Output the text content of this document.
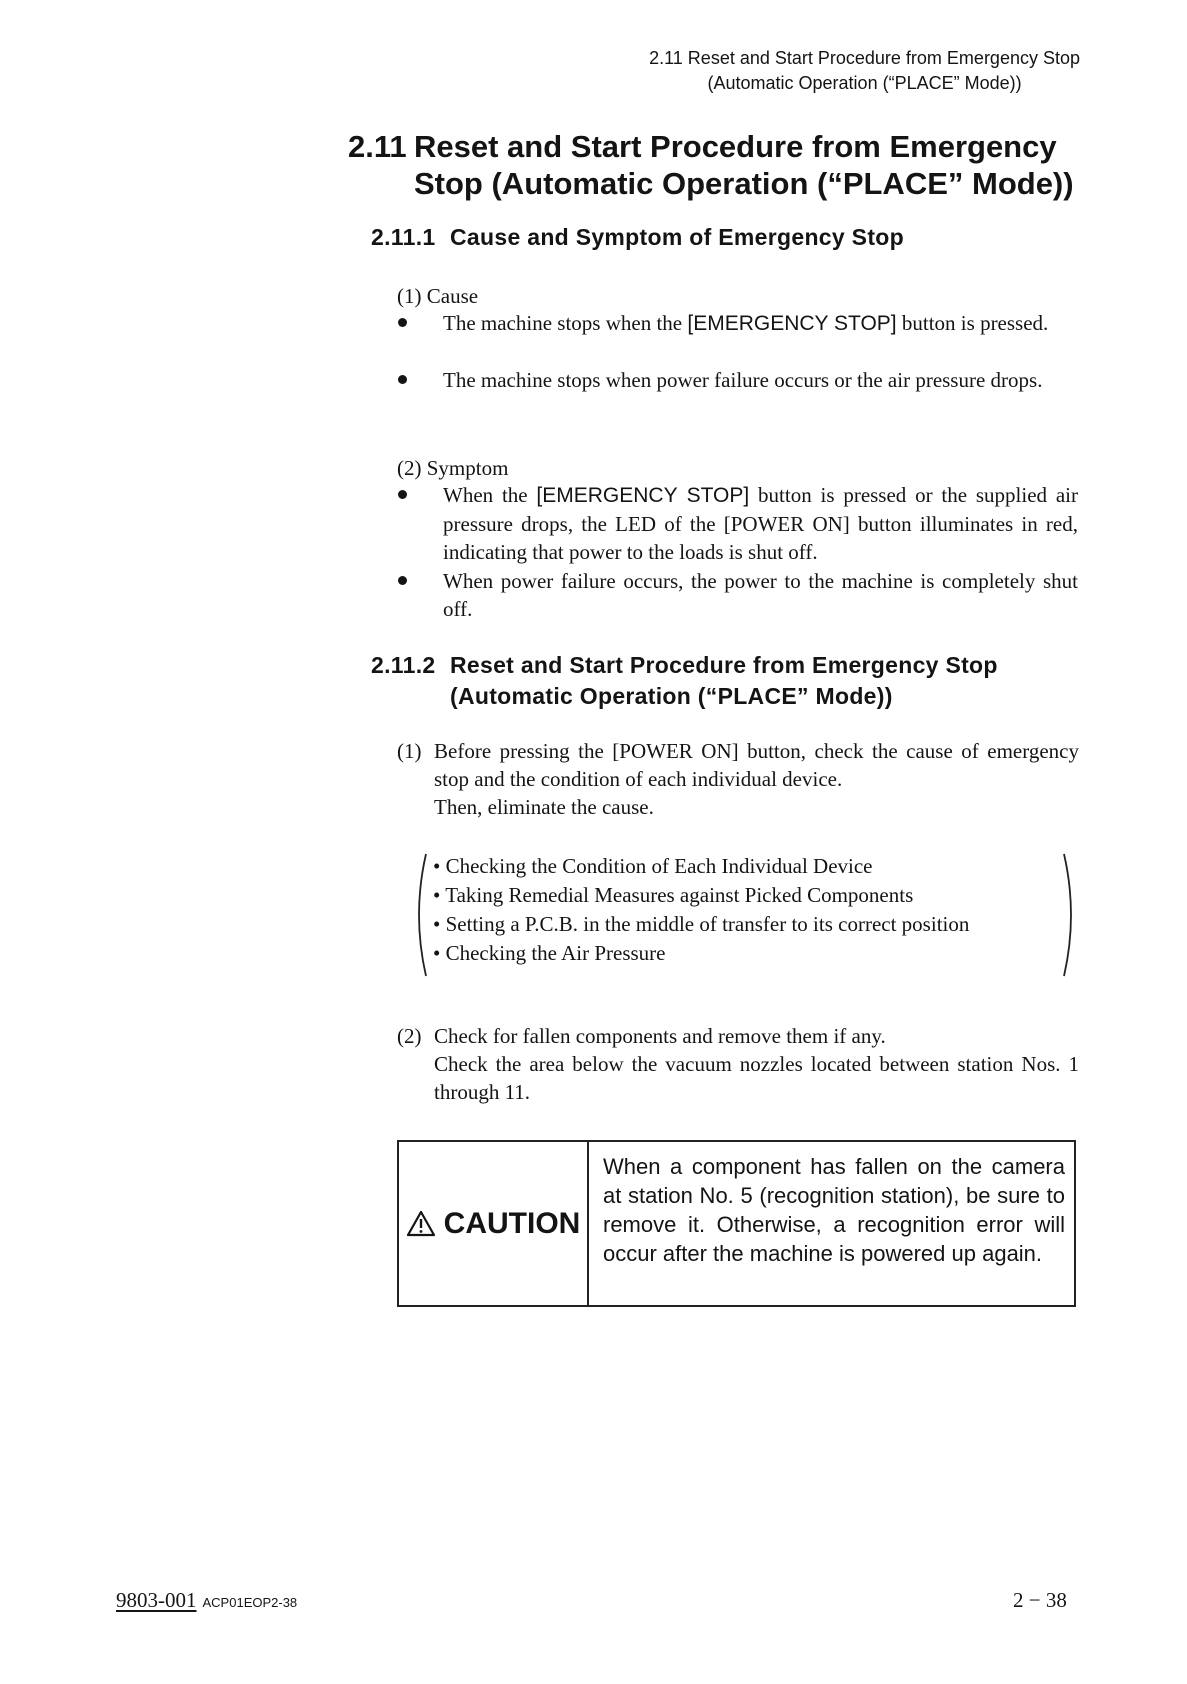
2.11 Reset and Start Procedure from Emergency Stop
(Automatic Operation (“PLACE” Mode))
2.11 Reset and Start Procedure from Emergency
Stop (Automatic Operation (“PLACE” Mode))
2.11.1 Cause and Symptom of Emergency Stop
(1) Cause
The machine stops when the [EMERGENCY STOP] button is pressed.
The machine stops when power failure occurs or the air pressure drops.
(2) Symptom
When the [EMERGENCY STOP] button is pressed or the supplied air pressure drops, the LED of the [POWER ON] button illuminates in red, indicating that power to the loads is shut off.
When power failure occurs, the power to the machine is completely shut off.
2.11.2 Reset and Start Procedure from Emergency Stop
(Automatic Operation (“PLACE” Mode))
(1) Before pressing the [POWER ON] button, check the cause of emergency stop and the condition of each individual device.
Then, eliminate the cause.
• Checking the Condition of Each Individual Device
• Taking Remedial Measures against Picked Components
• Setting a P.C.B. in the middle of transfer to its correct position
• Checking the Air Pressure
(2) Check for fallen components and remove them if any.
Check the area below the vacuum nozzles located between station Nos. 1 through 11.
CAUTION
When a component has fallen on the camera at station No. 5 (recognition station), be sure to remove it. Otherwise, a recognition error will occur after the machine is powered up again.
9803-001 ACP01EOP2-38	2 − 38
